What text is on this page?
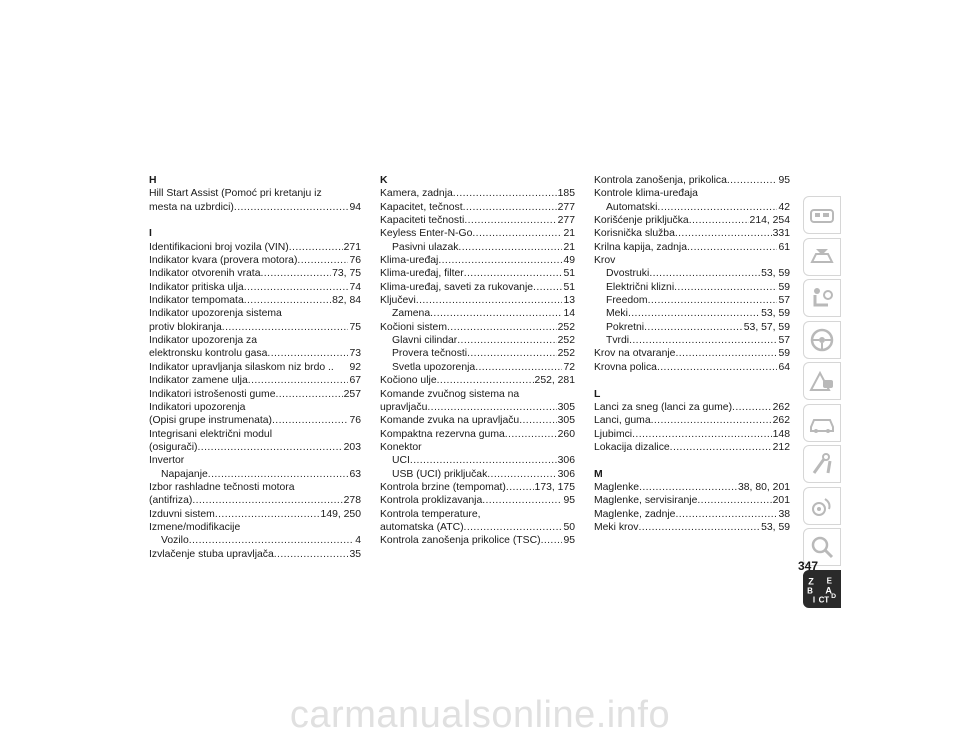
H
Hill Start Assist (Pomoć pri kretanju iz
mesta na uzbrdici) .....	94
I
Identifikacioni broj vozila (VIN) .....	271
Indikator kvara (provera motora) .....	76
Indikator otvorenih vrata .....	73, 75
Indikator pritiska ulja .....	74
Indikator tempomata .....	82, 84
Indikator upozorenja sistema
protiv blokiranja .....	75
Indikator upozorenja za
elektronsku kontrolu gasa .....	73
Indikator upravljanja silaskom niz brdo .. 92
Indikator zamene ulja .....	67
Indikatori istrošenosti gume .....	257
Indikatori upozorenja
(Opisi grupe instrumenata) .....	76
Integrisani električni modul
(osigurači) .....	203
Invertor
Napajanje .....	63
Izbor rashladne tečnosti motora
(antifriza) .....	278
Izduvni sistem .....	149, 250
Izmene/modifikacije
Vozilo .....	4
Izvlačenje stuba upravljača .....	35
K
Kamera, zadnja .....	185
Kapacitet, tečnost .....	277
Kapaciteti tečnosti .....	277
Keyless Enter-N-Go .....	21
Pasivni ulazak .....	21
Klima-uređaj .....	49
Klima-uređaj, filter .....	51
Klima-uređaj, saveti za rukovanje .....	51
Ključevi .....	13
Zamena .....	14
Kočioni sistem .....	252
Glavni cilindar .....	252
Provera tečnosti .....	252
Svetla upozorenja .....	72
Kočiono ulje .....	252, 281
Komande zvučnog sistema na
upravljaču .....	305
Komande zvuka na upravljaču .....	305
Kompaktna rezervna guma .....	260
Konektor
UCI .....	306
USB (UCI) priključak .....	306
Kontrola brzine (tempomat) .....	173, 175
Kontrola proklizavanja .....	95
Kontrola temperature,
automatska (ATC) .....	50
Kontrola zanošenja prikolice (TSC) ..... 95
Kontrola zanošenja, prikolica .....	95
Kontrole klima-uređaja
Automatski .....	42
Korišćenje priključka .....	214, 254
Korisnička služba .....	331
Krilna kapija, zadnja .....	61
Krov
Dvostruki .....	53, 59
Električni klizni .....	59
Freedom .....	57
Meki .....	53, 59
Pokretni .....	53, 57, 59
Tvrdi .....	57
Krov na otvaranje .....	59
Krovna polica .....	64
L
Lanci za sneg (lanci za gume) .....	262
Lanci, guma .....	262
Ljubimci .....	148
Lokacija dizalice .....	212
M
Maglenke .....	38, 80, 201
Maglenke, servisiranje .....	201
Maglenke, zadnje .....	38
Meki krov .....	53, 59
Z E
B A
I C T D
347
carmanualsonline.info
